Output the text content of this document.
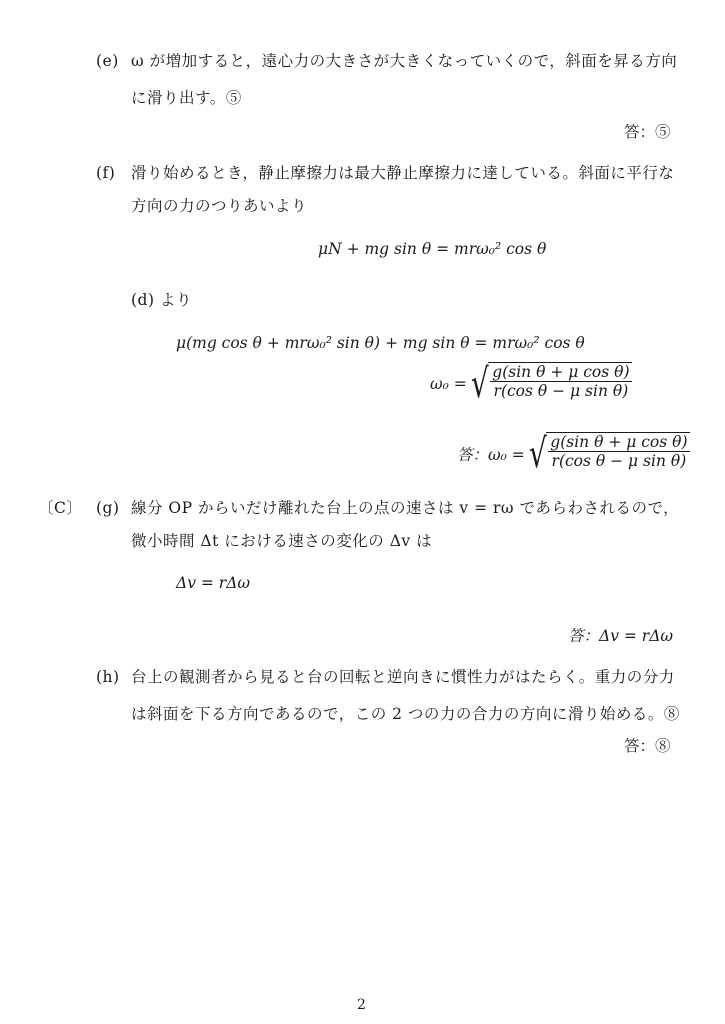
(e) ω が増加すると，遠心力の大きさが大きくなっていくので，斜面を昇る方向
に滑り出す。⑤
答：⑤
(f) 滑り始めるとき，静止摩擦力は最大静止摩擦力に達している。斜面に平行な
方向の力のつりあいより
μN + mg sin θ = mrω₀² cos θ
(d) より
μ(mg cos θ + mrω₀² sin θ) + mg sin θ = mrω₀² cos θ
ω₀ = √ $\frac{\text{g(sin θ + μ cos θ)}}{\text{r(cos θ − μ sin θ)}}$
答：ω₀ = √ $\frac{\text{g(sin θ + μ cos θ)}}{\text{r(cos θ − μ sin θ)}}$
〔C〕 (g) 線分 OP からいだけ離れた台上の点の速さは v = rω であらわされるので，
微小時間 Δt における速さの変化の Δv は
Δv = rΔω
答：Δv = rΔω
(h) 台上の観測者から見ると台の回転と逆向きに慣性力がはたらく。重力の分力
は斜面を下る方向であるので，この 2 つの力の合力の方向に滑り始める。⑧
答：⑧
2
